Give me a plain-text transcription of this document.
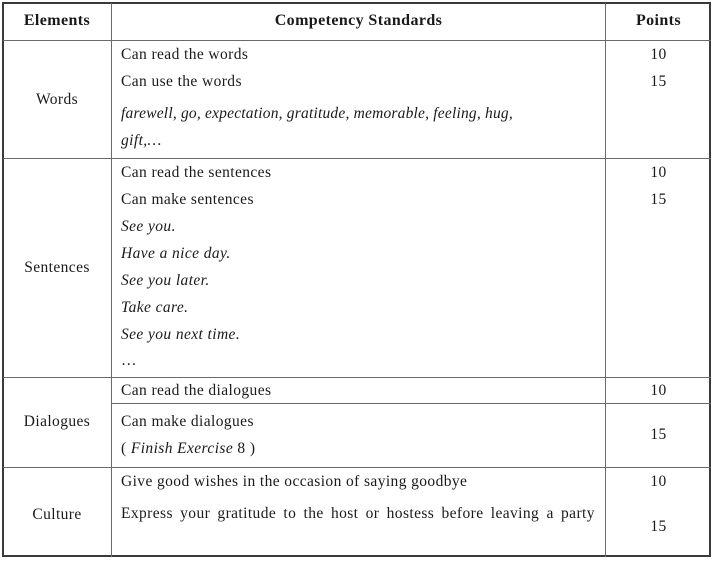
Elements	Competency Standards	Points
Words
Can read the words
Can use the words
farewell, go, expectation, gratitude, memorable, feeling, hug,
gift,…
10
15
Sentences
Can read the sentences
Can make sentences
See you.
Have a nice day.
See you later.
Take care.
See you next time.
…
10
15
Dialogues
Can read the dialogues
Can make dialogues
( Finish Exercise 8 )
10
15
Culture
Give good wishes in the occasion of saying goodbye
Express your gratitude to the host or hostess before leaving a party
10
15
